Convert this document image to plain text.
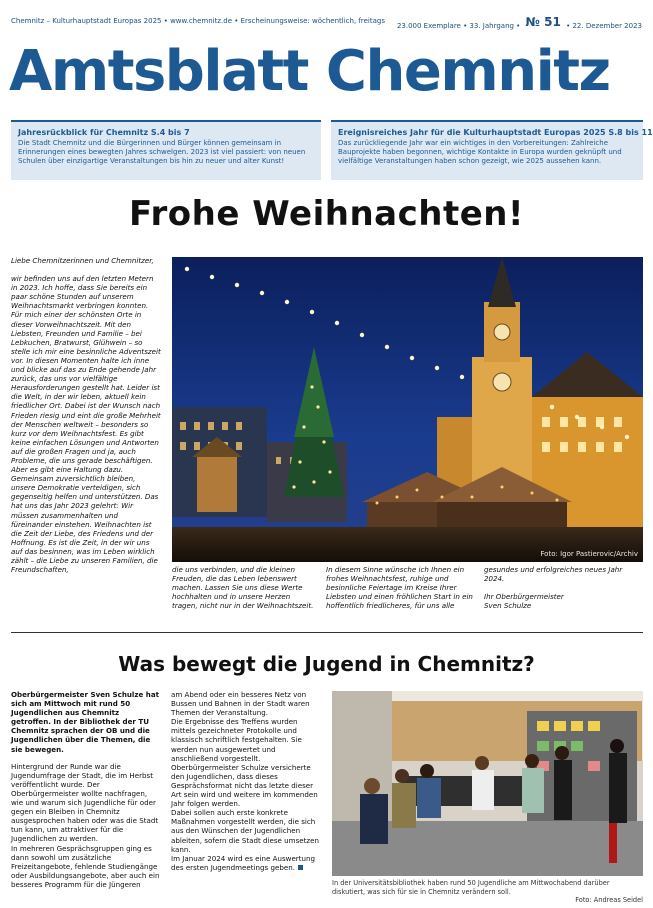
Chemnitz – Kulturhauptstadt Europas 2025 • www.chemnitz.de • Erscheinungsweise: wöchentlich, freitags
23.000 Exemplare • 33. Jahrgang • № 51 • 22. Dezember 2023
Amtsblatt Chemnitz
Jahresrückblick für Chemnitz S.4 bis 7
Die Stadt Chemnitz und die Bürgerinnen und Bürger können gemeinsam in Erinnerungen eines bewegten Jahres schwelgen. 2023 ist viel passiert: von neuen Schulen über einzigartige Veranstaltungen bis hin zu neuer und alter Kunst!
Ereignisreiches Jahr für die Kulturhauptstadt Europas 2025 S.8 bis 11
Das zurückliegende Jahr war ein wichtiges in den Vorbereitungen: Zahlreiche Bauprojekte haben begonnen, wichtige Kontakte in Europa wurden geknüpft und vielfältige Veranstaltungen haben schon gezeigt, wie 2025 aussehen kann.
Frohe Weihnachten!
Liebe Chemnitzerinnen und Chemnitzer,
wir befinden uns auf den letzten Metern in 2023. Ich hoffe, dass Sie bereits ein paar schöne Stunden auf unserem Weihnachtsmarkt verbringen konnten. Für mich einer der schönsten Orte in dieser Vorweihnachtszeit. Mit den Liebsten, Freunden und Familie – bei Lebkuchen, Bratwurst, Glühwein – so stelle ich mir eine besinnliche Adventszeit vor. In diesen Momenten halte ich inne und blicke auf das zu Ende gehende Jahr zurück, das uns vor vielfältige Herausforderungen gestellt hat. Leider ist die Welt, in der wir leben, aktuell kein friedlicher Ort. Dabei ist der Wunsch nach Frieden riesig und eint die große Mehrheit der Menschen weltweit – besonders so kurz vor dem Weihnachtsfest. Es gibt keine einfachen Lösungen und Antworten auf die großen Fragen und ja, auch Probleme, die uns gerade beschäftigen. Aber es gibt eine Haltung dazu. Gemeinsam zuversichtlich bleiben, unsere Demokratie verteidigen, sich gegenseitig helfen und unterstützen. Das hat uns das Jahr 2023 gelehrt: Wir müssen zusammenhalten und füreinander einstehen. Weihnachten ist die Zeit der Liebe, des Friedens und der Hoffnung. Es ist die Zeit, in der wir uns auf das besinnen, was im Leben wirklich zählt – die Liebe zu unseren Familien, die Freundschaften,
Foto: Igor Pastierovic/Archiv
die uns verbinden, und die kleinen Freuden, die das Leben lebenswert machen. Lassen Sie uns diese Werte hochhalten und in unsere Herzen tragen, nicht nur in der Weihnachtszeit.
In diesem Sinne wünsche ich Ihnen ein frohes Weihnachtsfest, ruhige und besinnliche Feiertage im Kreise Ihrer Liebsten und einen fröhlichen Start in ein hoffentlich friedlicheres, für uns alle
gesundes und erfolgreiches neues Jahr 2024.
Ihr Oberbürgermeister
Sven Schulze
Was bewegt die Jugend in Chemnitz?
Oberbürgermeister Sven Schulze hat sich am Mittwoch mit rund 50 Jugendlichen aus Chemnitz getroffen. In der Bibliothek der TU Chemnitz sprachen der OB und die Jugendlichen über die Themen, die sie bewegen.
Hintergrund der Runde war die Jugendumfrage der Stadt, die im Herbst veröffentlicht wurde. Der Oberbürgermeister wollte nachfragen, wie und warum sich Jugendliche für oder gegen ein Bleiben in Chemnitz ausgesprochen haben oder was die Stadt tun kann, um attraktiver für die Jugendlichen zu werden.
In mehreren Gesprächsgruppen ging es dann sowohl um zusätzliche Freizeitangebote, fehlende Studiengänge oder Ausbildungsangebote, aber auch ein besseres Programm für die Jüngeren
am Abend oder ein besseres Netz von Bussen und Bahnen in der Stadt waren Themen der Veranstaltung.
Die Ergebnisse des Treffens wurden mittels gezeichneter Protokolle und klassisch schriftlich festgehalten. Sie werden nun ausgewertet und anschließend vorgestellt.
Oberbürgermeister Schulze versicherte den Jugendlichen, dass dieses Gesprächsformat nicht das letzte dieser Art sein wird und weitere im kommenden Jahr folgen werden.
Dabei sollen auch erste konkrete Maßnahmen vorgestellt werden, die sich aus den Wünschen der Jugendlichen ableiten, sofern die Stadt diese umsetzen kann.
Im Januar 2024 wird es eine Auswertung des ersten Jugendmeetings geben.
In der Universitätsbibliothek haben rund 50 Jugendliche am Mittwochabend darüber diskutiert, was sich für sie in Chemnitz verändern soll.
Foto: Andreas Seidel
